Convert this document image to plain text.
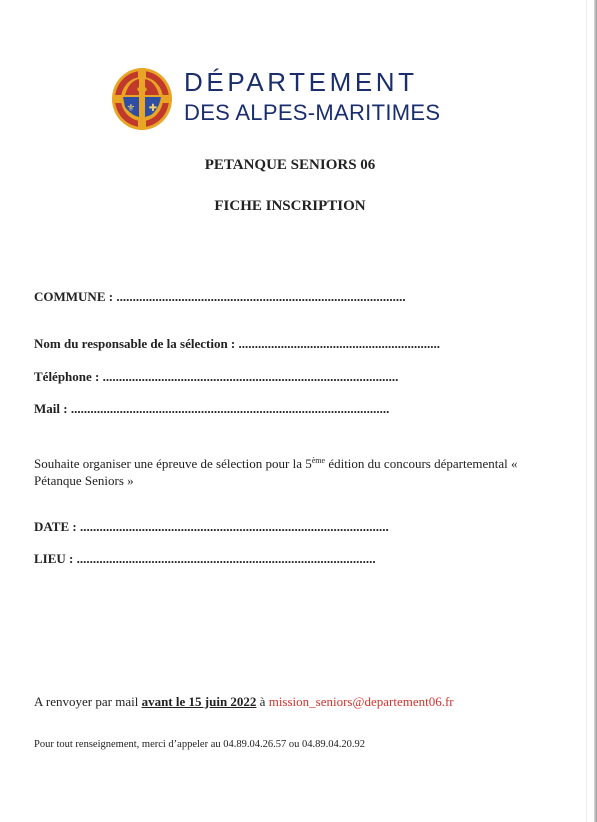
♣
⚜ ✚
DÉPARTEMENT
DES ALPES-MARITIMES
PETANQUE SENIORS 06
FICHE INSCRIPTION
COMMUNE : .........................................................................................
Nom du responsable de la sélection : ..............................................................
Téléphone : ...........................................................................................
Mail : ..................................................................................................
Souhaite organiser une épreuve de sélection pour la 5ème édition du concours départemental « Pétanque Seniors »
DATE : ...............................................................................................
LIEU : ............................................................................................
A renvoyer par mail avant le 15 juin 2022 à mission_seniors@departement06.fr
Pour tout renseignement, merci d’appeler au 04.89.04.26.57 ou 04.89.04.20.92
